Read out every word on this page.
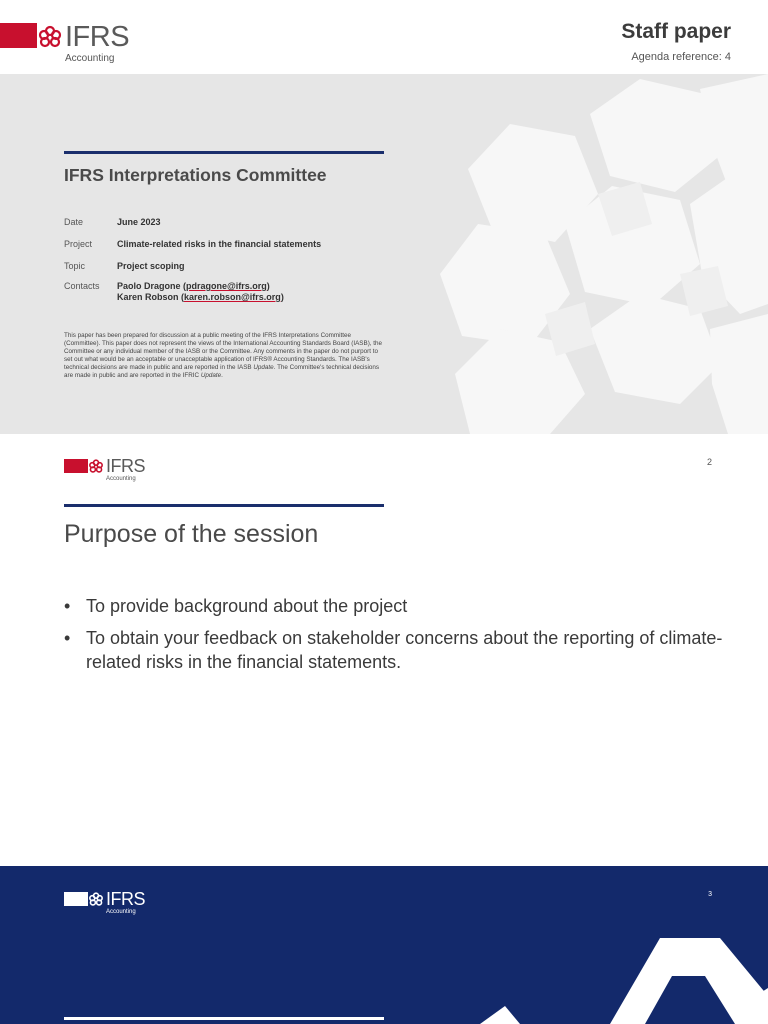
IFRS
Accounting
Staff paper
Agenda reference: 4
IFRS Interpretations Committee
Date	June 2023
Project	Climate-related risks in the financial statements
Topic	Project scoping
Contacts	Paolo Dragone (pdragone@ifrs.org)
Karen Robson (karen.robson@ifrs.org)
This paper has been prepared for discussion at a public meeting of the IFRS Interpretations Committee (Committee). This paper does not represent the views of the International Accounting Standards Board (IASB), the Committee or any individual member of the IASB or the Committee. Any comments in the paper do not purport to set out what would be an acceptable or unacceptable application of IFRS® Accounting Standards. The IASB's technical decisions are made in public and are reported in the IASB Update. The Committee's technical decisions are made in public and are reported in the IFRIC Update.
IFRS
Accounting
2
Purpose of the session
• To provide background about the project
• To obtain your feedback on stakeholder concerns about the reporting of climate-related risks in the financial statements.
IFRS
Accounting
3
